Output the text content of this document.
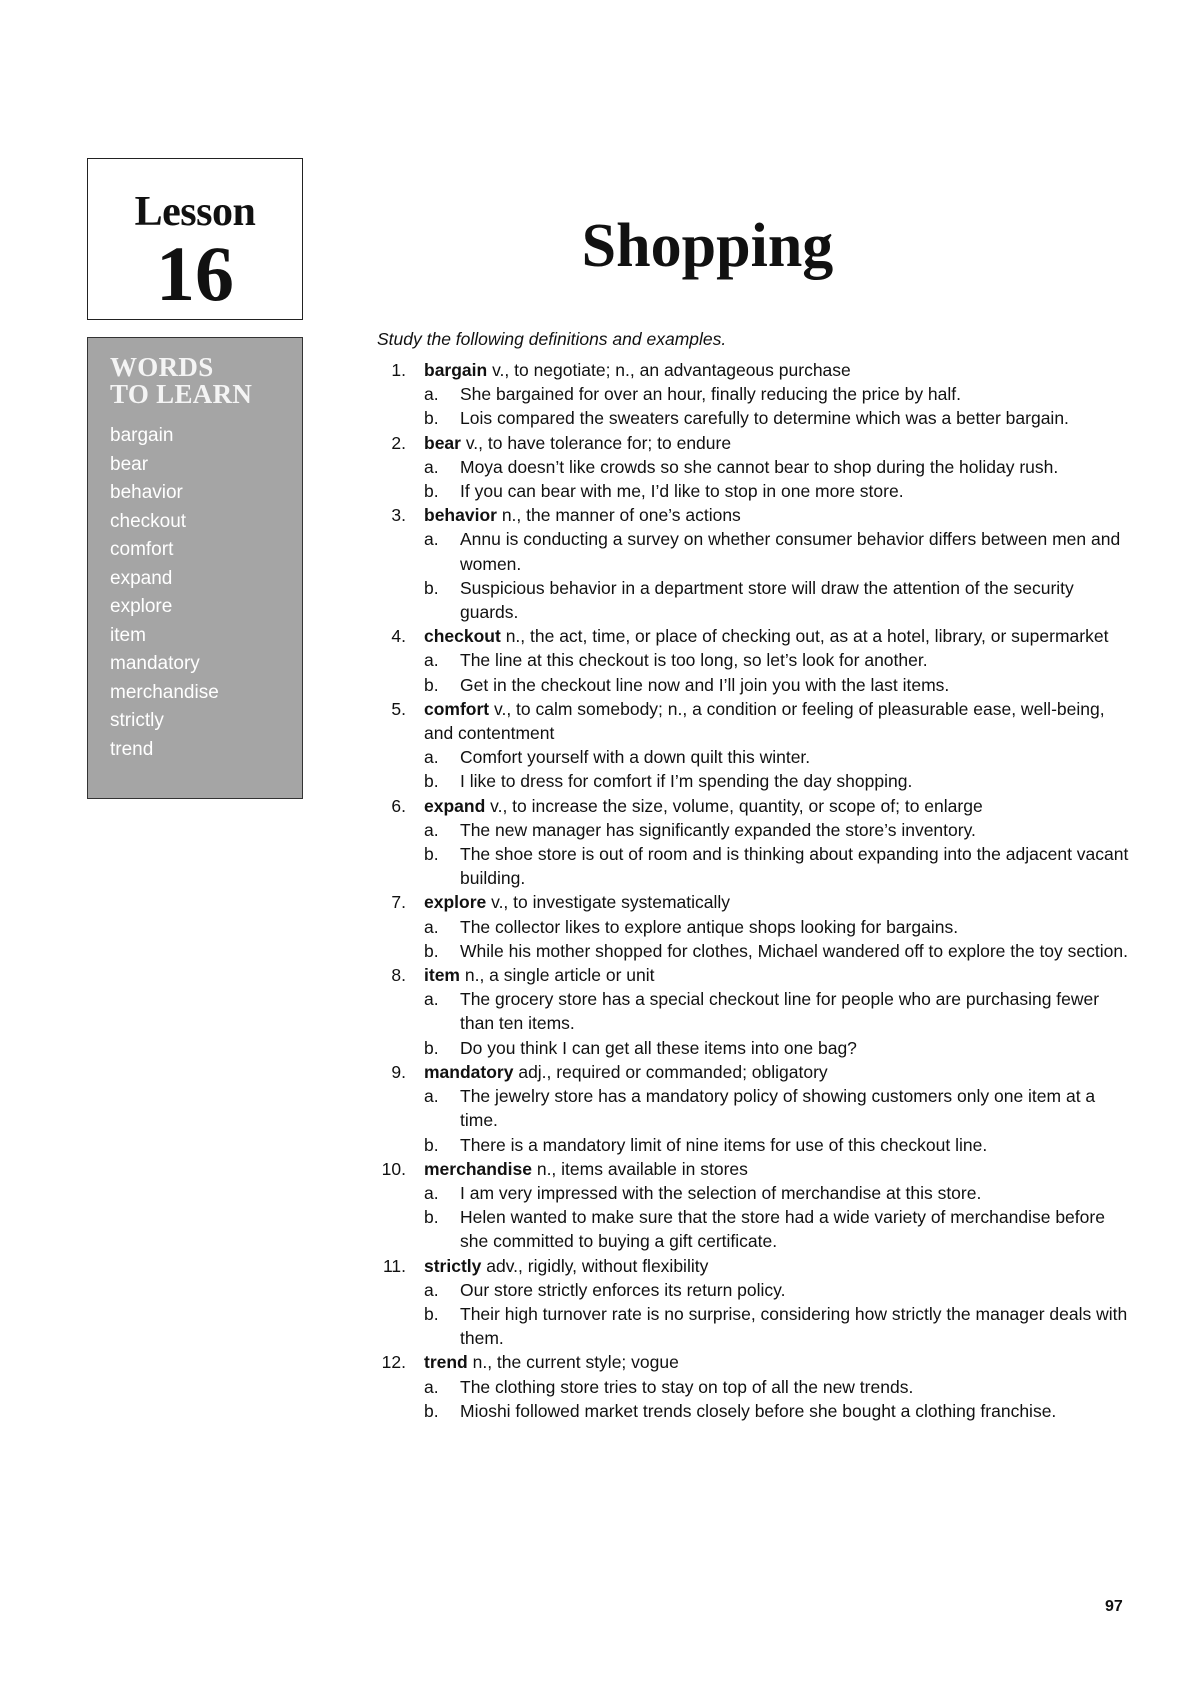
Lesson
16
WORDS
TO LEARN
bargain
bear
behavior
checkout
comfort
expand
explore
item
mandatory
merchandise
strictly
trend
Shopping

Study the following definitions and examples.

1. bargain v., to negotiate; n., an advantageous purchase
a. She bargained for over an hour, finally reducing the price by half.
b. Lois compared the sweaters carefully to determine which was a better bargain.
2. bear v., to have tolerance for; to endure
a. Moya doesn’t like crowds so she cannot bear to shop during the holiday rush.
b. If you can bear with me, I’d like to stop in one more store.
3. behavior n., the manner of one’s actions
a. Annu is conducting a survey on whether consumer behavior differs between men and women.
b. Suspicious behavior in a department store will draw the attention of the security guards.
4. checkout n., the act, time, or place of checking out, as at a hotel, library, or supermarket
a. The line at this checkout is too long, so let’s look for another.
b. Get in the checkout line now and I’ll join you with the last items.
5. comfort v., to calm somebody; n., a condition or feeling of pleasurable ease, well-being, and contentment
a. Comfort yourself with a down quilt this winter.
b. I like to dress for comfort if I’m spending the day shopping.
6. expand v., to increase the size, volume, quantity, or scope of; to enlarge
a. The new manager has significantly expanded the store’s inventory.
b. The shoe store is out of room and is thinking about expanding into the adjacent vacant building.
7. explore v., to investigate systematically
a. The collector likes to explore antique shops looking for bargains.
b. While his mother shopped for clothes, Michael wandered off to explore the toy section.
8. item n., a single article or unit
a. The grocery store has a special checkout line for people who are purchasing fewer than ten items.
b. Do you think I can get all these items into one bag?
9. mandatory adj., required or commanded; obligatory
a. The jewelry store has a mandatory policy of showing customers only one item at a time.
b. There is a mandatory limit of nine items for use of this checkout line.
10. merchandise n., items available in stores
a. I am very impressed with the selection of merchandise at this store.
b. Helen wanted to make sure that the store had a wide variety of merchandise before she committed to buying a gift certificate.
11. strictly adv., rigidly, without flexibility
a. Our store strictly enforces its return policy.
b. Their high turnover rate is no surprise, considering how strictly the manager deals with them.
12. trend n., the current style; vogue
a. The clothing store tries to stay on top of all the new trends.
b. Mioshi followed market trends closely before she bought a clothing franchise.
97
